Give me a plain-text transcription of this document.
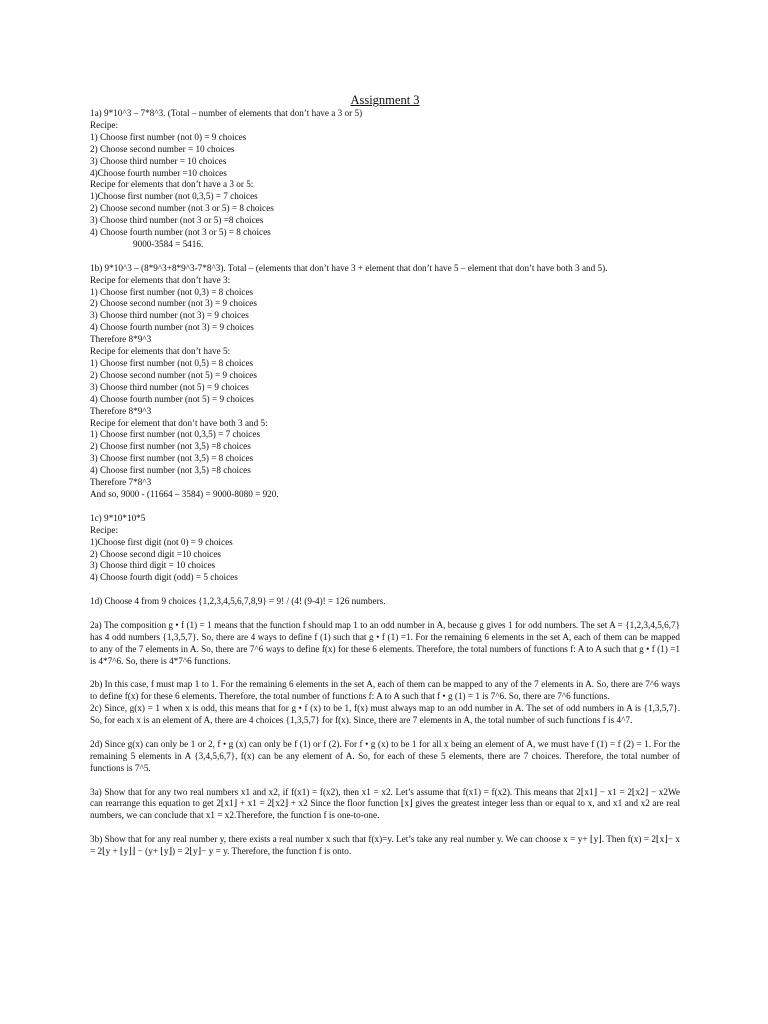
Assignment 3
1a) 9*10^3 – 7*8^3. (Total – number of elements that don’t have a 3 or 5)
Recipe:
1) Choose first number (not 0) = 9 choices
2) Choose second number = 10 choices
3) Choose third number = 10 choices
4)Choose fourth number =10 choices
Recipe for elements that don’t have a 3 or 5:
1)Choose first number (not 0,3,5) = 7 choices
2) Choose second number (not 3 or 5) = 8 choices
3) Choose third number (not 3 or 5) =8 choices
4) Choose fourth number (not 3 or 5) = 8 choices
9000-3584 = 5416.
1b) 9*10^3 – (8*9^3+8*9^3-7*8^3). Total – (elements that don’t have 3 + element that don’t have 5 – element that don’t have both 3 and 5).
Recipe for elements that don’t have 3:
1) Choose first number (not 0,3) = 8 choices
2) Choose second number (not 3) = 9 choices
3) Choose third number (not 3) = 9 choices
4) Choose fourth number (not 3) = 9 choices
Therefore 8*9^3
Recipe for elements that don’t have 5:
1) Choose first number (not 0,5) = 8 choices
2) Choose second number (not 5) = 9 choices
3) Choose third number (not 5) = 9 choices
4) Choose fourth number (not 5) = 9 choices
Therefore 8*9^3
Recipe for element that don’t have both 3 and 5:
1) Choose first number (not 0,3,5) = 7 choices
2) Choose first number (not 3,5) =8 choices
3) Choose first number (not 3,5) = 8 choices
4) Choose first number (not 3,5) =8 choices
Therefore 7*8^3
And so, 9000 - (11664 – 3584) = 9000-8080 = 920.
1c) 9*10*10*5
Recipe:
1)Choose first digit (not 0) = 9 choices
2) Choose second digit =10 choices
3) Choose third digit = 10 choices
4) Choose fourth digit (odd) = 5 choices
1d) Choose 4 from 9 choices {1,2,3,4,5,6,7,8,9} = 9! / (4! (9-4)! = 126 numbers.

2a) The composition g • f (1) = 1 means that the function f should map 1 to an odd number in A, because g gives 1 for odd numbers. The set A = {1,2,3,4,5,6,7} has 4 odd numbers {1,3,5,7}. So, there are 4 ways to define f (1) such that g • f (1) =1. For the remaining 6 elements in the set A, each of them can be mapped to any of the 7 elements in A. So, there are 7^6 ways to define f(x) for these 6 elements. Therefore, the total numbers of functions f: A to A such that g • f (1) =1 is 4*7^6. So, there is 4*7^6 functions.

2b) In this case, f must map 1 to 1. For the remaining 6 elements in the set A, each of them can be mapped to any of the 7 elements in A. So, there are 7^6 ways to define f(x) for these 6 elements. Therefore, the total number of functions f: A to A such that f • g (1) = 1 is 7^6. So, there are 7^6 functions.

2c) Since, g(x) = 1 when x is odd, this means that for g • f (x) to be 1, f(x) must always map to an odd number in A. The set of odd numbers in A is {1,3,5,7}. So, for each x is an element of A, there are 4 choices {1,3,5,7} for f(x). Since, there are 7 elements in A, the total number of such functions f is 4^7.

2d) Since g(x) can only be 1 or 2, f • g (x) can only be f (1) or f (2). For f • g (x) to be 1 for all x being an element of A, we must have f (1) = f (2) = 1. For the remaining 5 elements in A {3,4,5,6,7}, f(x) can be any element of A. So, for each of these 5 elements, there are 7 choices. Therefore, the total number of functions is 7^5.

3a) Show that for any two real numbers x1 and x2, if f(x1) = f(x2), then x1 = x2. Let’s assume that f(x1) = f(x2). This means that 2⌊x1⌋ − x1 = 2⌊x2⌋ − x2We can rearrange this equation to get 2⌊x1⌋ + x1 = 2⌊x2⌋ + x2 Since the floor function ⌊x⌋ gives the greatest integer less than or equal to x, and x1 and x2 are real numbers, we can conclude that x1 = x2.Therefore, the function f is one-to-one.

3b) Show that for any real number y, there exists a real number x such that f(x)=y. Let’s take any real number y. We can choose x = y+ ⌊y⌋. Then f(x) = 2⌊x⌋− x = 2⌊y + ⌊y⌋⌋ − (y+ ⌊y⌋) = 2⌊y⌋− y = y. Therefore, the function f is onto.
